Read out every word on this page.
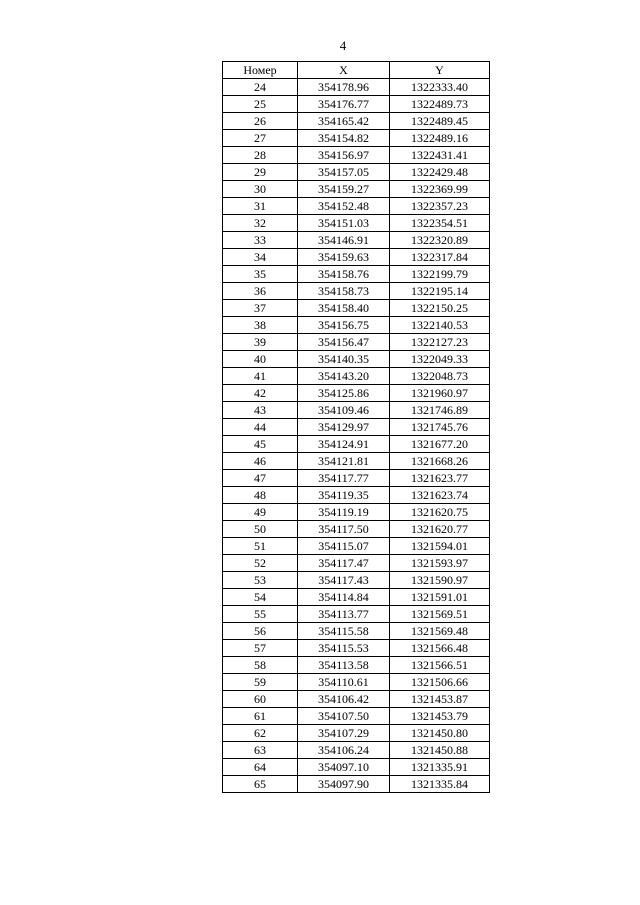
4
Номер	X	Y
24	354178.96	1322333.40
25	354176.77	1322489.73
26	354165.42	1322489.45
27	354154.82	1322489.16
28	354156.97	1322431.41
29	354157.05	1322429.48
30	354159.27	1322369.99
31	354152.48	1322357.23
32	354151.03	1322354.51
33	354146.91	1322320.89
34	354159.63	1322317.84
35	354158.76	1322199.79
36	354158.73	1322195.14
37	354158.40	1322150.25
38	354156.75	1322140.53
39	354156.47	1322127.23
40	354140.35	1322049.33
41	354143.20	1322048.73
42	354125.86	1321960.97
43	354109.46	1321746.89
44	354129.97	1321745.76
45	354124.91	1321677.20
46	354121.81	1321668.26
47	354117.77	1321623.77
48	354119.35	1321623.74
49	354119.19	1321620.75
50	354117.50	1321620.77
51	354115.07	1321594.01
52	354117.47	1321593.97
53	354117.43	1321590.97
54	354114.84	1321591.01
55	354113.77	1321569.51
56	354115.58	1321569.48
57	354115.53	1321566.48
58	354113.58	1321566.51
59	354110.61	1321506.66
60	354106.42	1321453.87
61	354107.50	1321453.79
62	354107.29	1321450.80
63	354106.24	1321450.88
64	354097.10	1321335.91
65	354097.90	1321335.84
